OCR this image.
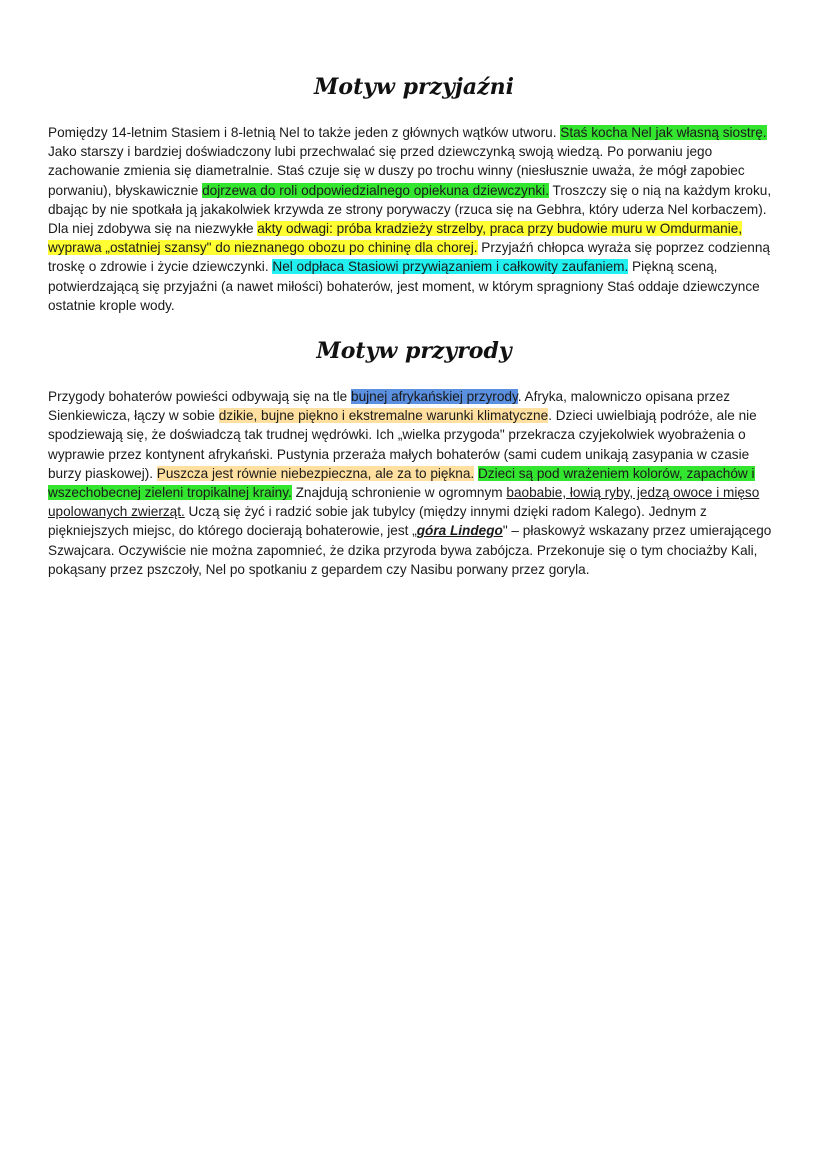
Motyw przyjaźni

Pomiędzy 14-letnim Stasiem i 8-letnią Nel to także jeden z głównych wątków utworu. Staś kocha Nel jak własną siostrę. Jako starszy i bardziej doświadczony lubi przechwalać się przed dziewczynką swoją wiedzą. Po porwaniu jego zachowanie zmienia się diametralnie. Staś czuje się w duszy po trochu winny (niesłusznie uważa, że mógł zapobiec porwaniu), błyskawicznie dojrzewa do roli odpowiedzialnego opiekuna dziewczynki. Troszczy się o nią na każdym kroku, dbając by nie spotkała ją jakakolwiek krzywda ze strony porywaczy (rzuca się na Gebhra, który uderza Nel korbaczem). Dla niej zdobywa się na niezwykłe akty odwagi: próba kradzieży strzelby, praca przy budowie muru w Omdurmanie, wyprawa „ostatniej szansy" do nieznanego obozu po chininę dla chorej. Przyjaźń chłopca wyraża się poprzez codzienną troskę o zdrowie i życie dziewczynki. Nel odpłaca Stasiowi przywiązaniem i całkowity zaufaniem. Piękną sceną, potwierdzającą się przyjaźni (a nawet miłości) bohaterów, jest moment, w którym spragniony Staś oddaje dziewczynce ostatnie krople wody.

Motyw przyrody

Przygody bohaterów powieści odbywają się na tle bujnej afrykańskiej przyrody. Afryka, malowniczo opisana przez Sienkiewicza, łączy w sobie dzikie, bujne piękno i ekstremalne warunki klimatyczne. Dzieci uwielbiają podróże, ale nie spodziewają się, że doświadczą tak trudnej wędrówki. Ich „wielka przygoda" przekracza czyjekolwiek wyobrażenia o wyprawie przez kontynent afrykański. Pustynia przeraża małych bohaterów (sami cudem unikają zasypania w czasie burzy piaskowej). Puszcza jest równie niebezpieczna, ale za to piękna. Dzieci są pod wrażeniem kolorów, zapachów i wszechobecnej zieleni tropikalnej krainy. Znajdują schronienie w ogromnym baobabie, łowią ryby, jedzą owoce i mięso upolowanych zwierząt. Uczą się żyć i radzić sobie jak tubylcy (między innymi dzięki radom Kalego). Jednym z piękniejszych miejsc, do którego docierają bohaterowie, jest „góra Lindego" – płaskowyż wskazany przez umierającego Szwajcara. Oczywiście nie można zapomnieć, że dzika przyroda bywa zabójcza. Przekonuje się o tym chociażby Kali, pokąsany przez pszczoły, Nel po spotkaniu z gepardem czy Nasibu porwany przez goryla.
